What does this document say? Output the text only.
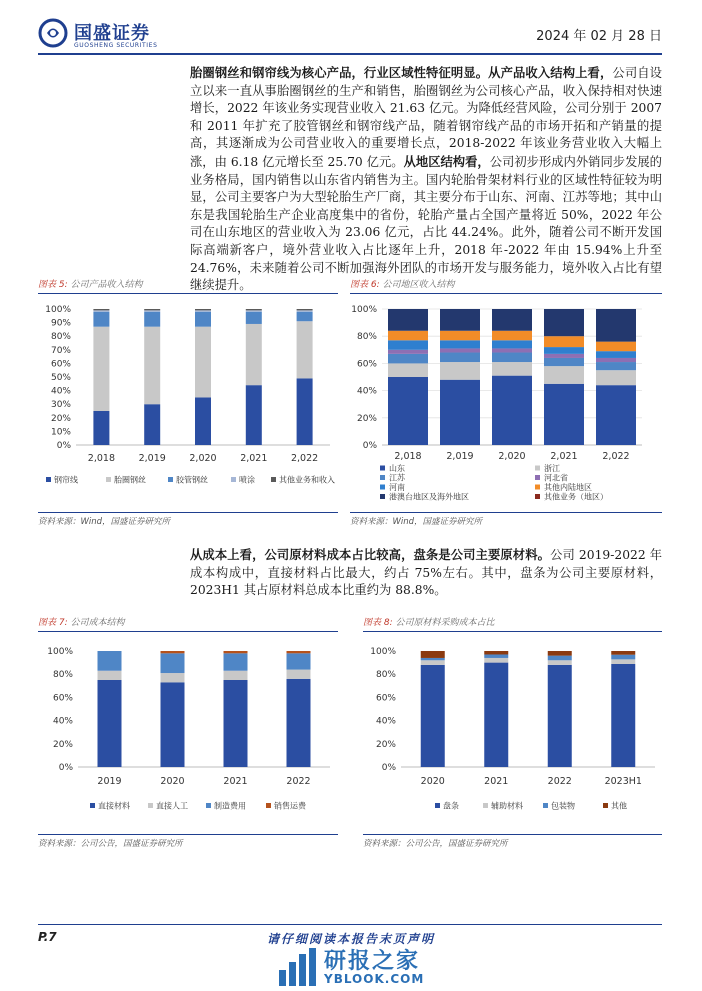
国盛证券
GUOSHENG SECURITIES
2024 年 02 月 28 日
胎圈钢丝和钢帘线为核心产品，行业区域性特征明显。从产品收入结构上看，公司自设立以来一直从事胎圈钢丝的生产和销售，胎圈钢丝为公司核心产品，收入保持相对快速增长，2022 年该业务实现营业收入 21.63 亿元。为降低经营风险，公司分别于 2007 和 2011 年扩充了胶管钢丝和钢帘线产品，随着钢帘线产品的市场开拓和产销量的提高，其逐渐成为公司营业收入的重要增长点，2018-2022 年该业务营业收入大幅上涨，由 6.18 亿元增长至 25.70 亿元。从地区结构看，公司初步形成内外销同步发展的业务格局，国内销售以山东省内销售为主。国内轮胎骨架材料行业的区域性特征较为明显，公司主要客户为大型轮胎生产厂商，其主要分布于山东、河南、江苏等地；其中山东是我国轮胎生产企业高度集中的省份，轮胎产量占全国产量将近 50%，2022 年公司在山东地区的营业收入为 23.06 亿元，占比 44.24%。此外，随着公司不断开发国际高端新客户，境外营业收入占比逐年上升，2018 年-2022 年由 15.94%上升至 24.76%，未来随着公司不断加强海外团队的市场开发与服务能力，境外收入占比有望继续提升。
图表 5: 公司产品收入结构
0%
10%
20%
30%
40%
50%
60%
70%
80%
90%
100%
2,018 2,019 2,020 2,021 2,022
钢帘线	胎圈钢丝	胶管钢丝	喷涂	其他业务和收入
资料来源：Wind，国盛证券研究所
图表 6: 公司地区收入结构
0%
20%
40%
60%
80%
100%
2,018	2,019	2,020	2,021	2,022
山东	浙江
江苏	河北省
河南	其他内陆地区
港澳台地区及海外地区	其他业务（地区）
资料来源：Wind，国盛证券研究所
从成本上看，公司原材料成本占比较高，盘条是公司主要原材料。公司 2019-2022 年成本构成中，直接材料占比最大，约占 75%左右。其中，盘条为公司主要原材料，2023H1 其占原材料总成本比重约为 88.8%。
图表 7: 公司成本结构
0%
20%
40%
60%
80%
100%
2019	2020	2021	2022
直接材料	直接人工	制造费用	销售运费
资料来源：公司公告，国盛证券研究所
图表 8: 公司原材料采购成本占比
0%
20%
40%
60%
80%
100%
2020	2021	2022	2023H1
盘条	辅助材料	包装物	其他
资料来源：公司公告，国盛证券研究所
P.7	请仔细阅读本报告末页声明
研报之家
YBLOOK.COM
